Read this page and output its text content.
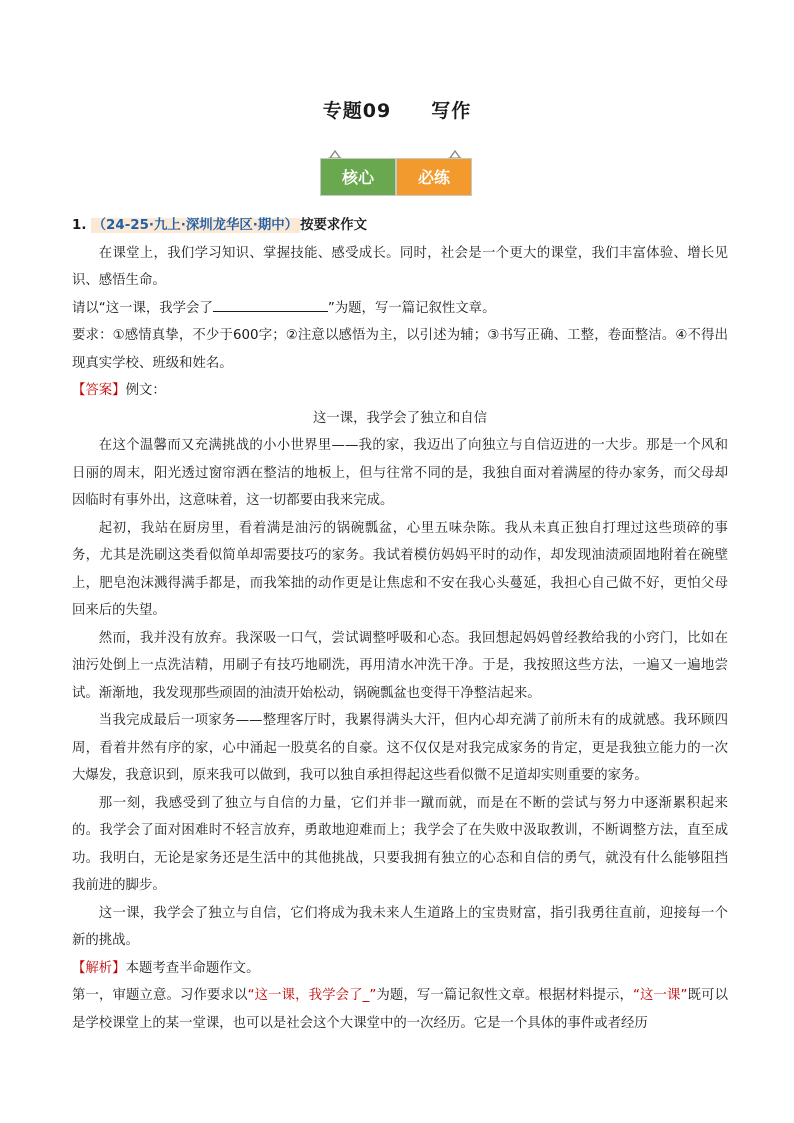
专题09 写作
核心	必练

1. （24-25·九上·深圳龙华区·期中） 按要求作文

在课堂上，我们学习知识、掌握技能、感受成长。同时，社会是一个更大的课堂，我们丰富体验、增长见识、感悟生命。

请以“这一课，我学会了	”为题，写一篇记叙性文章。

要求：①感情真挚，不少于600字；②注意以感悟为主，以引述为辅；③书写正确、工整，卷面整洁。④不得出现真实学校、班级和姓名。

【答案】例文：

这一课，我学会了独立和自信

在这个温馨而又充满挑战的小小世界里——我的家，我迈出了向独立与自信迈进的一大步。那是一个风和日丽的周末，阳光透过窗帘洒在整洁的地板上，但与往常不同的是，我独自面对着满屋的待办家务，而父母却因临时有事外出，这意味着，这一切都要由我来完成。

起初，我站在厨房里，看着满是油污的锅碗瓢盆，心里五味杂陈。我从未真正独自打理过这些琐碎的事务，尤其是洗刷这类看似简单却需要技巧的家务。我试着模仿妈妈平时的动作，却发现油渍顽固地附着在碗壁上，肥皂泡沫溅得满手都是，而我笨拙的动作更是让焦虑和不安在我心头蔓延，我担心自己做不好，更怕父母回来后的失望。

然而，我并没有放弃。我深吸一口气，尝试调整呼吸和心态。我回想起妈妈曾经教给我的小窍门，比如在油污处倒上一点洗洁精，用刷子有技巧地刷洗，再用清水冲洗干净。于是，我按照这些方法，一遍又一遍地尝试。渐渐地，我发现那些顽固的油渍开始松动，锅碗瓢盆也变得干净整洁起来。

当我完成最后一项家务——整理客厅时，我累得满头大汗，但内心却充满了前所未有的成就感。我环顾四周，看着井然有序的家，心中涌起一股莫名的自豪。这不仅仅是对我完成家务的肯定，更是我独立能力的一次大爆发，我意识到，原来我可以做到，我可以独自承担得起这些看似微不足道却实则重要的家务。

那一刻，我感受到了独立与自信的力量，它们并非一蹴而就，而是在不断的尝试与努力中逐渐累积起来的。我学会了面对困难时不轻言放弃，勇敢地迎难而上；我学会了在失败中汲取教训，不断调整方法，直至成功。我明白，无论是家务还是生活中的其他挑战，只要我拥有独立的心态和自信的勇气，就没有什么能够阻挡我前进的脚步。

这一课，我学会了独立与自信，它们将成为我未来人生道路上的宝贵财富，指引我勇往直前，迎接每一个新的挑战。

【解析】本题考查半命题作文。

第一，审题立意。习作要求以“这一课，我学会了_”为题，写一篇记叙性文章。根据材料提示，“这一课”既可以是学校课堂上的某一堂课，也可以是社会这个大课堂中的一次经历。它是一个具体的事件或者经历
